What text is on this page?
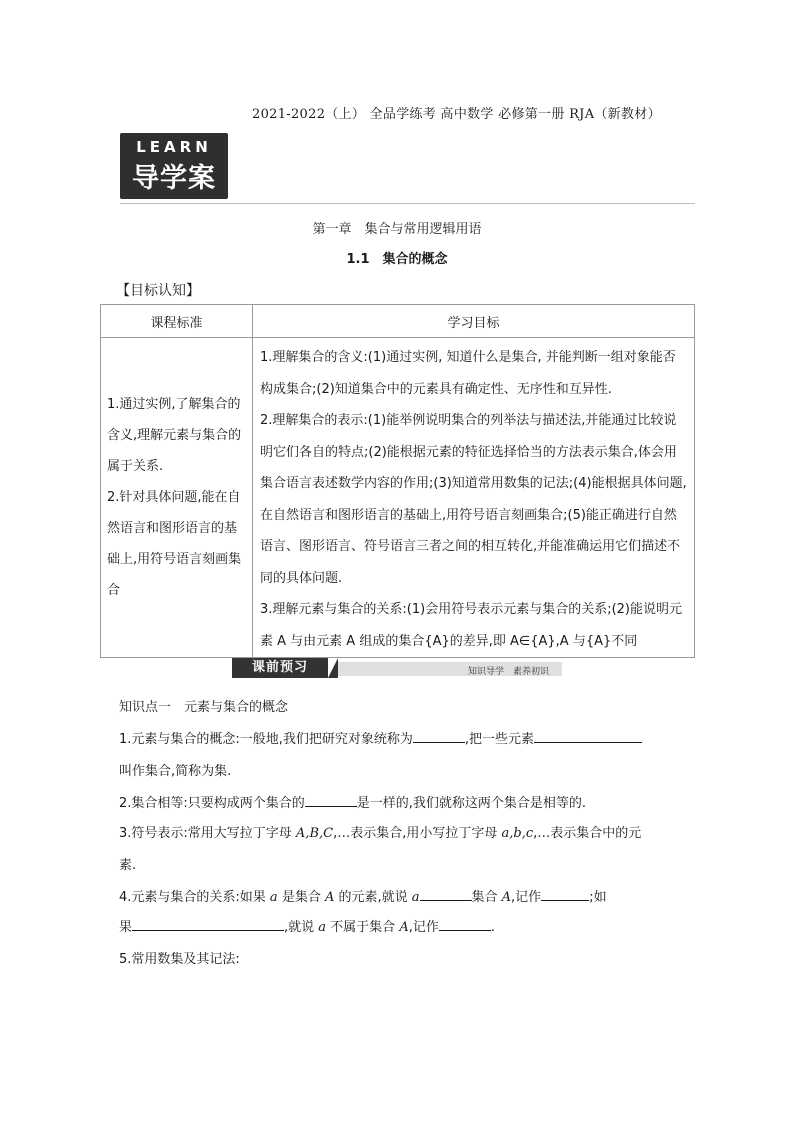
2021-2022（上） 全品学练考 高中数学 必修第一册 RJA（新教材）
LEARN
导学案
第一章　集合与常用逻辑用语
1.1　集合的概念
【目标认知】
课程标准	学习目标

1.通过实例,了解集合的含义,理解元素与集合的属于关系.
2.针对具体问题,能在自然语言和图形语言的基础上,用符号语言刻画集合	1.理解集合的含义:(1)通过实例, 知道什么是集合, 并能判断一组对象能否构成集合;(2)知道集合中的元素具有确定性、无序性和互异性.
2.理解集合的表示:(1)能举例说明集合的列举法与描述法,并能通过比较说明它们各自的特点;(2)能根据元素的特征选择恰当的方法表示集合,体会用集合语言表述数学内容的作用;(3)知道常用数集的记法;(4)能根据具体问题,在自然语言和图形语言的基础上,用符号语言刻画集合;(5)能正确进行自然语言、图形语言、符号语言三者之间的相互转化,并能准确运用它们描述不同的具体问题.
3.理解元素与集合的关系:(1)会用符号表示元素与集合的关系;(2)能说明元素 A 与由元素 A 组成的集合{A}的差异,即 A∈{A},A 与{A}不同
课前预习	知识导学　素养初识
知识点一　元素与集合的概念
1.元素与集合的概念:一般地,我们把研究对象统称为	,把一些元素
叫作集合,简称为集.
2.集合相等:只要构成两个集合的	是一样的,我们就称这两个集合是相等的.
3.符号表示:常用大写拉丁字母 A,B,C,…表示集合,用小写拉丁字母 a,b,c,…表示集合中的元
素.
4.元素与集合的关系:如果 a 是集合 A 的元素,就说 a	集合 A,记作	;如
果	,就说 a 不属于集合 A,记作	.
5.常用数集及其记法:
